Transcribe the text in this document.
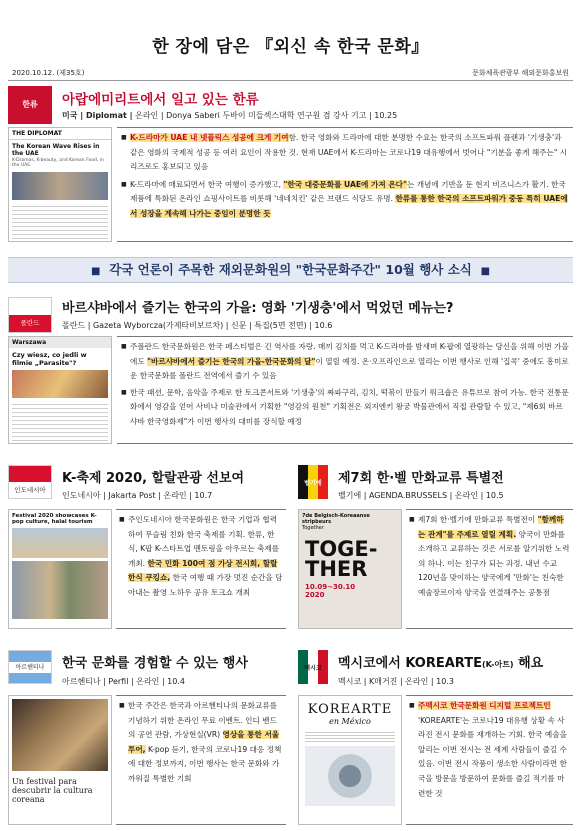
한 장에 담은 『외신 속 한국 문화』
2020.10.12. (제35호)	문화체육관광부 해외문화홍보원
한류	아랍에미리트에서 일고 있는 한류
미국 | Diplomat | 온라인 | Donya Saberi 두바이 미들섹스대학 연구원 겸 강사 기고 | 10.25
THE DIPLOMAT
The Korean Wave Rises in the UAE
K-Dramas, K-beauty, and Korean Food, in the UAE.
■ K-드라마가 UAE 내 넷플릭스 성공에 크게 기여함. 한국 영화와 드라마에 대한 분명한 수요는 한국의 소프트파워 플랜과 '기생충'과 같은 영화의 국제적 성공 등 여러 요인이 작용한 것. 현재 UAE에서 K-드라마는 코로나19 대유행에서 벗어나 "기분을 좋게 해주는" 시리즈로도 홍보되고 있음
■ K-드라마에 매료되면서 한국 여행이 증가했고, "한국 대중문화를 UAE에 가져 온다"는 개념에 기반을 둔 현지 비즈니스가 활기. 한국 제품에 특화된 온라인 쇼핑사이트를 비롯해 '네네치킨' 같은 브랜드 식당도 유명. 한류를 통한 한국의 소프트파워가 중동 특히 UAE에서 성장을 계속해 나가는 중임이 분명한 듯
■ 각국 언론이 주목한 재외문화원의 "한국문화주간" 10월 행사 소식 ■
폴란드
바르샤바에서 즐기는 한국의 가을: 영화 '기생충'에서 먹었던 메뉴는?
폴란드 | Gazeta Wyborcza(가제타비보르차) | 신문 | 특집(5면 전면) | 10.6
Warszawa
Czy wiesz, co jedli w filmie „Parasite"?
■ 주폴란드 한국문화원은 한국 페스티벌은 긴 역사를 자랑. 매끼 김치를 먹고 K-드라마를 밤새며 K-팝에 열광하는 당신을 위해 이번 가을에도 "바르샤바에서 즐기는 한국의 가을-한국문화의 달"이 열릴 예정. 온·오프라인으로 열리는 이번 행사로 인해 '집콕' 중에도 흥미로운 한국문화를 폴란드 전역에서 즐기 수 있음
■ 한국 패션, 문학, 음악을 주제로 한 토크콘서트와 '기생충'의 짜파구리, 김치, 떡볶이 만들기 워크숍은 유튜브로 참여 가능. 한국 전통문화에서 영감을 얻어 사비나 미술관에서 기획한 "영감의 원천" 기획전은 외지엔키 왕궁 박물관에서 직접 관람할 수 있고, "제6회 바르샤바 한국영화제"가 이번 행사의 대미를 장식할 예정
인도네시아
K-축제 2020, 할랄관광 선보여
인도네시아 | Jakarta Post | 온라인 | 10.7
Festival 2020 showcases K-pop culture, halal tourism
■	주인도네시아 한국문화원은 한국 기업과 협력하여 무슬림 친화 한국 축제를 기획. 한류, 한식, K팝 K-스타트업 멘토링을 아우르는 축제를 개최. 한국 민화 100여 점 가상 전시회, 할랄 한식 쿠킹쇼, 한국 여행 때 가장 멋진 순간을 담아내는 촬영 노하우 공유 토크쇼 개최
벨기에	제7회 한·벨 만화교류 특별전
벨기에 | AGENDA.BRUSSELS | 온라인 | 10.5
7de Belgisch-Koreaanse stripbeurs
Together
TOGE-
THER
10.09~30.10
2020
■ 제7회 한·벨기에 만화교류 특별전이 "함께하는 관계"를 주제로 열릴 계획. 양국이 만화를 소개하고 교류하는 것은 서로를 알기위한 노력의 하나. 이는 친구가 되는 과정. 내년 수교 120년을 맞이하는 양국에게 '만화'는 친숙한 예술장르이자 양국을 연결해주는 공통점
아르헨티나	한국 문화를 경험할 수 있는 행사
아르헨티나 | Perfil | 온라인 | 10.4
Un festival para descubrir la cultura coreana
■ 한국 주간은 한국과 아르헨티나의 문화교류를 기념하기 위한 온라인 무료 이벤트. 인디 밴드의 공연 관람, 가상현실(VR) 영상을 통한 서울 투어, K-pop 듣기, 한국의 코로나19 대응 정책에 대한 정보까지, 이번 행사는 한국 문화와 가까워질 특별한 기회
멕시코	멕시코에서 KOREARTE(K-아트) 해요
멕시코 | K매거진 | 온라인 | 10.3
KOREARTE
en México
■ 주멕시코 한국문화원 디지털 프로젝트인 'KOREARTE'는 코로나19 대유행 상황 속 사라진 전시 문화를 재개하는 기회. 한국 예술을 알리는 이번 전시는 전 세계 사람들이 즐길 수 있음. 이번 전시 작품이 생소한 사람이라면 한국을 방문을 방문하여 문화를 즐길 적기를 마련한 것
